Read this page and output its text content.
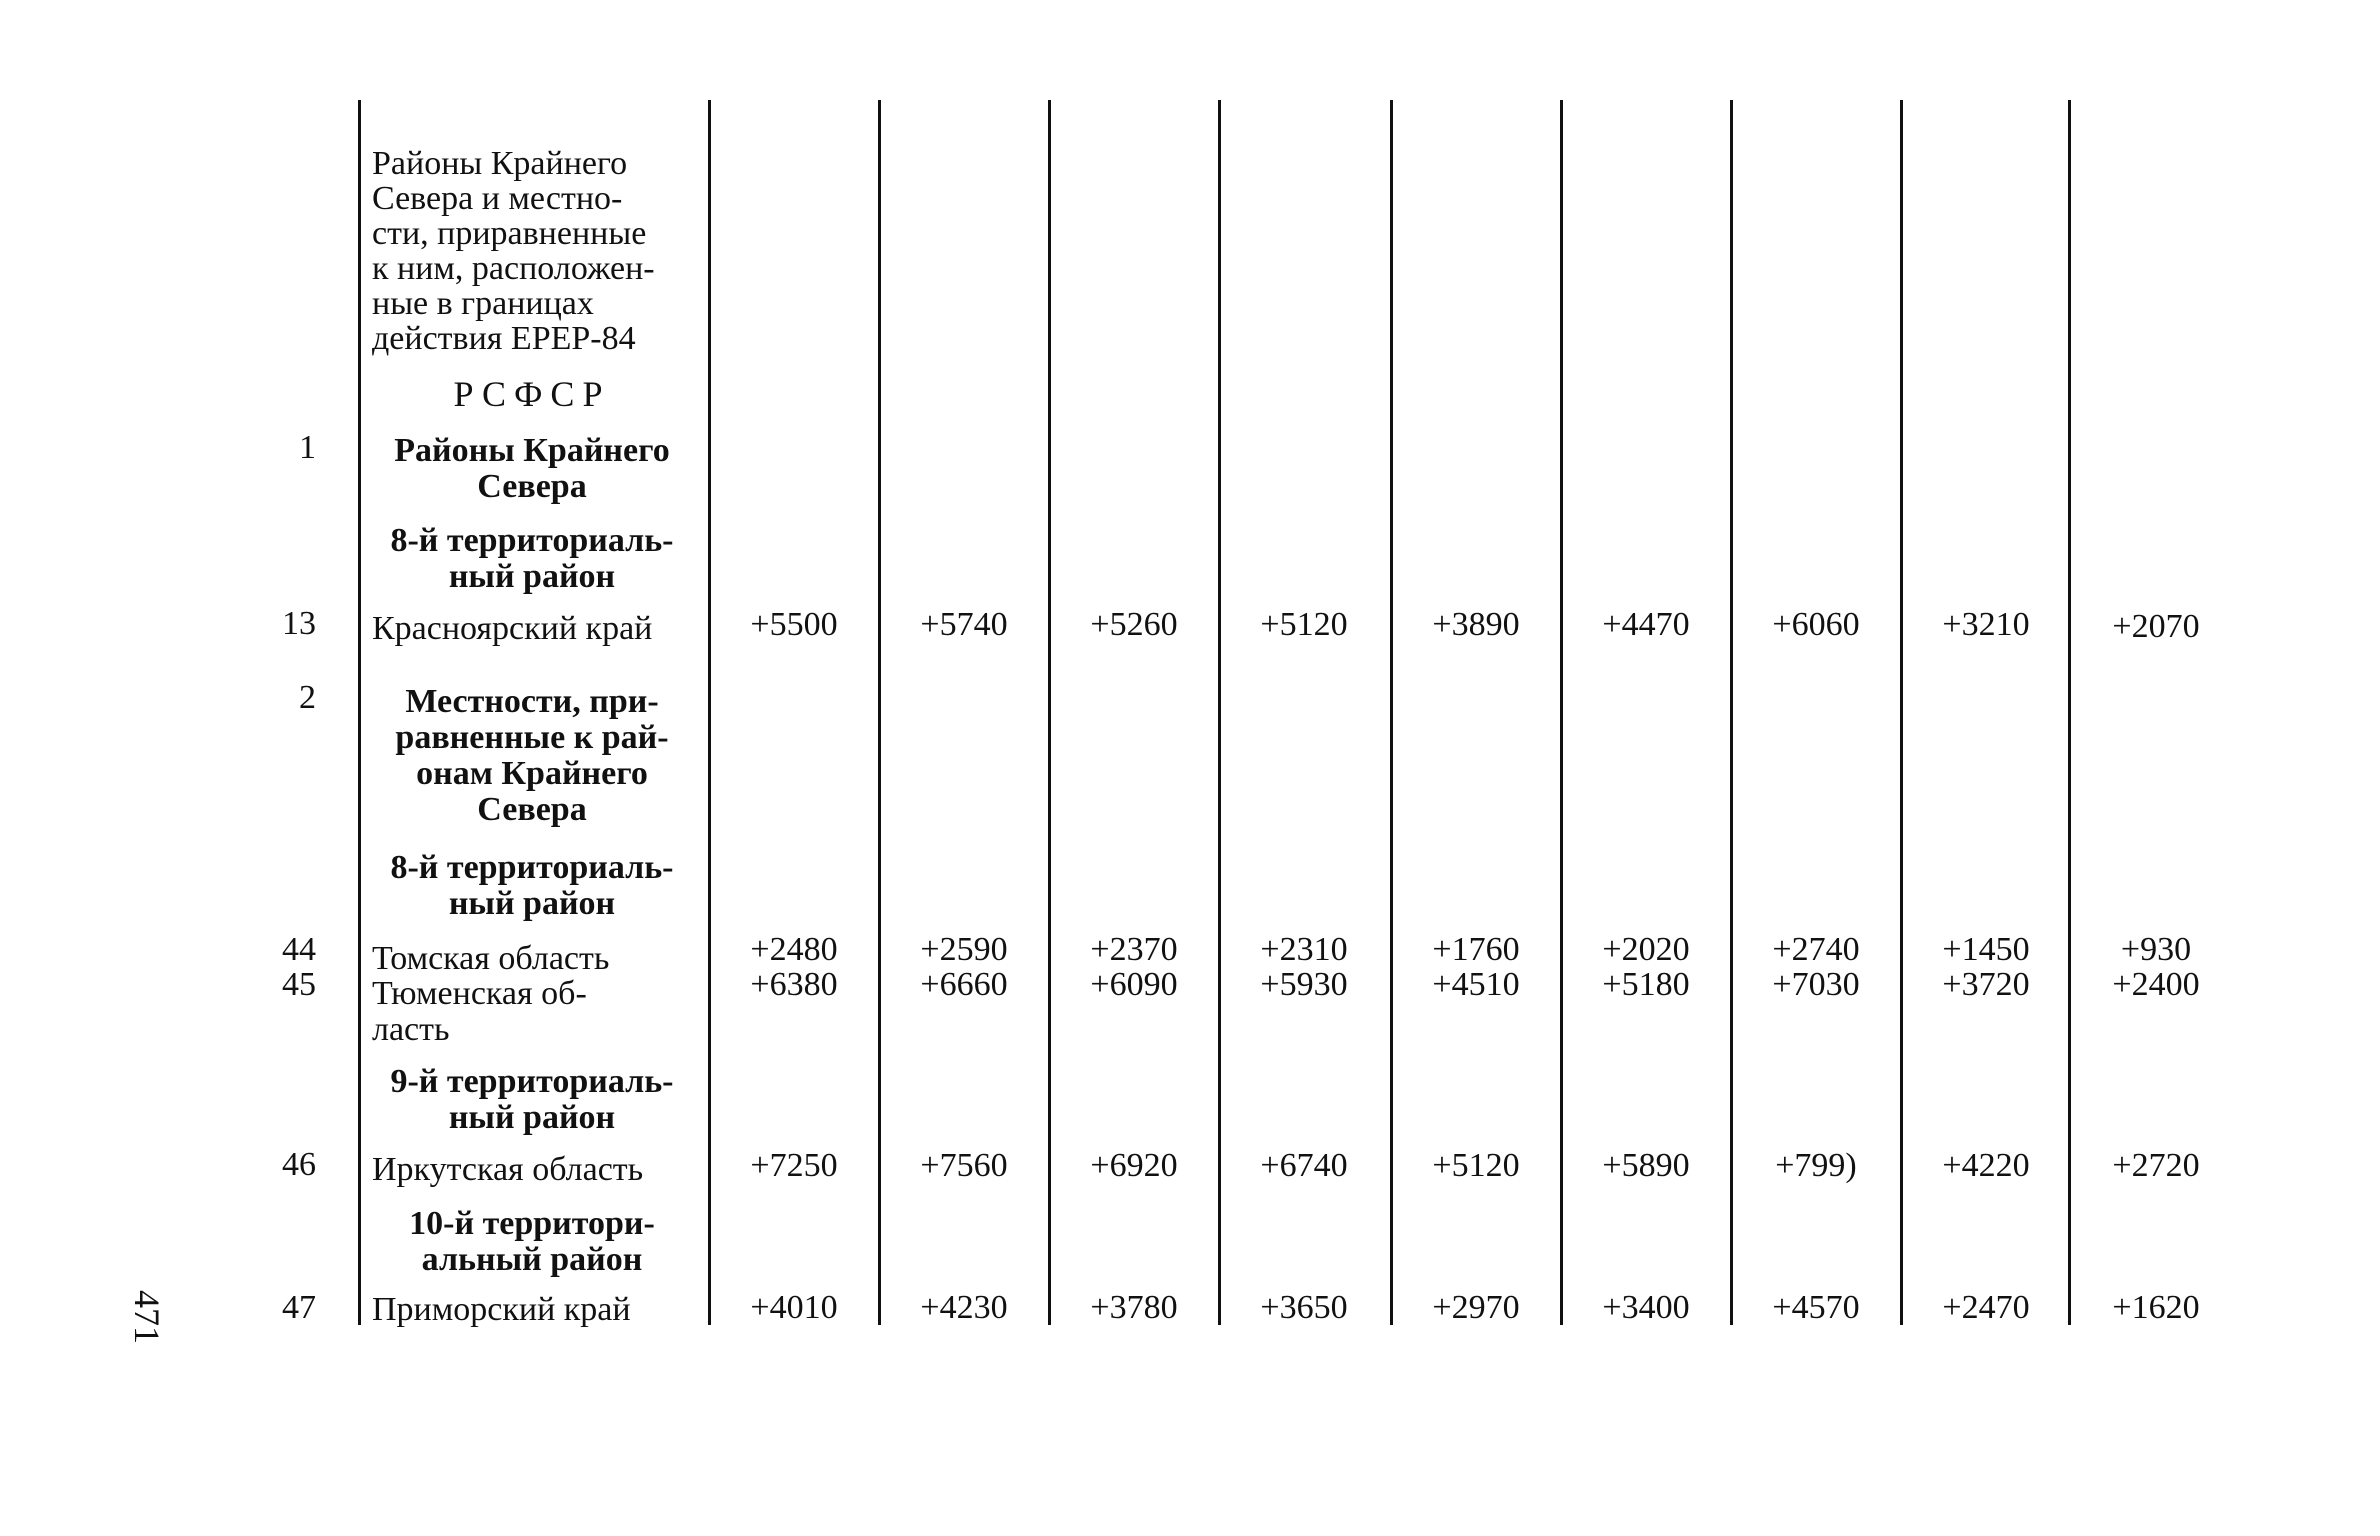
Районы Крайнего
Севера и местно-
сти, приравненные
к ним, расположен-
ные в границах
действия ЕРЕР-84
РСФСР
1	Районы Крайнего
Севера
8-й территориаль-
ный район
13 Красноярский край	+5500	+5740	+5260	+5120	+3890	+4470	+6060	+3210	+2070
2	Местности, при-
равненные к рай-
онам Крайнего
Севера
8-й территориаль-
ный район
44 Томская область	+2480	+2590	+2370	+2310	+1760	+2020	+2740	+1450	+930
45 Тюменская об-
ласть
+6380	+6660	+6090	+5930	+4510	+5180	+7030	+3720	+2400
9-й территориаль-
ный район
46 Иркутская область	+7250	+7560	+6920	+6740	+5120	+5890	+799)	+4220	+2720
10-й территори-
альный район
47 Приморский край	+4010	+4230	+3780	+3650	+2970	+3400	+4570	+2470	+1620
471
